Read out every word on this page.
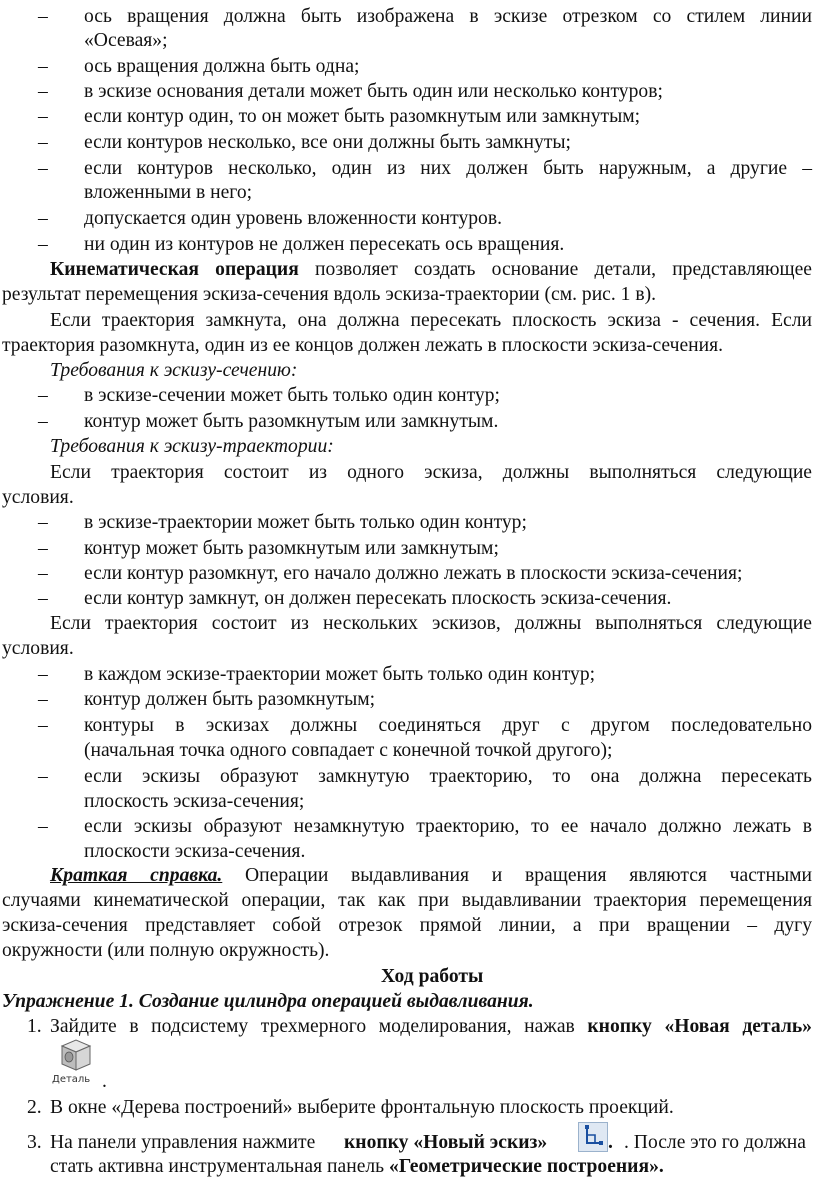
– ось вращения должна быть изображена в эскизе отрезком со стилем линии
«Осевая»;
– ось вращения должна быть одна;
– в эскизе основания детали может быть один или несколько контуров;
– если контур один, то он может быть разомкнутым или замкнутым;
– если контуров несколько, все они должны быть замкнуты;
– если контуров несколько, один из них должен быть наружным, а другие –
вложенными в него;
– допускается один уровень вложенности контуров.
– ни один из контуров не должен пересекать ось вращения.
Кинематическая операция позволяет создать основание детали, представляющее
результат перемещения эскиза-сечения вдоль эскиза-траектории (см. рис. 1 в).
Если траектория замкнута, она должна пересекать плоскость эскиза - сечения. Если
траектория разомкнута, один из ее концов должен лежать в плоскости эскиза-сечения.
Требования к эскизу-сечению:
– в эскизе-сечении может быть только один контур;
– контур может быть разомкнутым или замкнутым.
Требования к эскизу-траектории:
Если траектория состоит из одного эскиза, должны выполняться следующие
условия.
– в эскизе-траектории может быть только один контур;
– контур может быть разомкнутым или замкнутым;
– если контур разомкнут, его начало должно лежать в плоскости эскиза-сечения;
– если контур замкнут, он должен пересекать плоскость эскиза-сечения.
Если траектория состоит из нескольких эскизов, должны выполняться следующие
условия.
– в каждом эскизе-траектории может быть только один контур;
– контур должен быть разомкнутым;
– контуры в эскизах должны соединяться друг с другом последовательно
(начальная точка одного совпадает с конечной точкой другого);
– если эскизы образуют замкнутую траекторию, то она должна пересекать
плоскость эскиза-сечения;
– если эскизы образуют незамкнутую траекторию, то ее начало должно лежать в
плоскости эскиза-сечения.
Краткая справка. Операции выдавливания и вращения являются частными
случаями кинематической операции, так как при выдавливании траектория перемещения
эскиза-сечения представляет собой отрезок прямой линии, а при вращении – дугу
окружности (или полную окружность).
Ход работы
Упражнение 1. Создание цилиндра операцией выдавливания.
1. Зайдите в подсистему трехмерного моделирования, нажав кнопку «Новая деталь»
Деталь .
2. В окне «Дерева построений» выберите фронтальную плоскость проекций.
3. На панели управления нажмите кнопку «Новый эскиз»	. . После это го должна
стать активна инструментальная панель «Геометрические построения».
